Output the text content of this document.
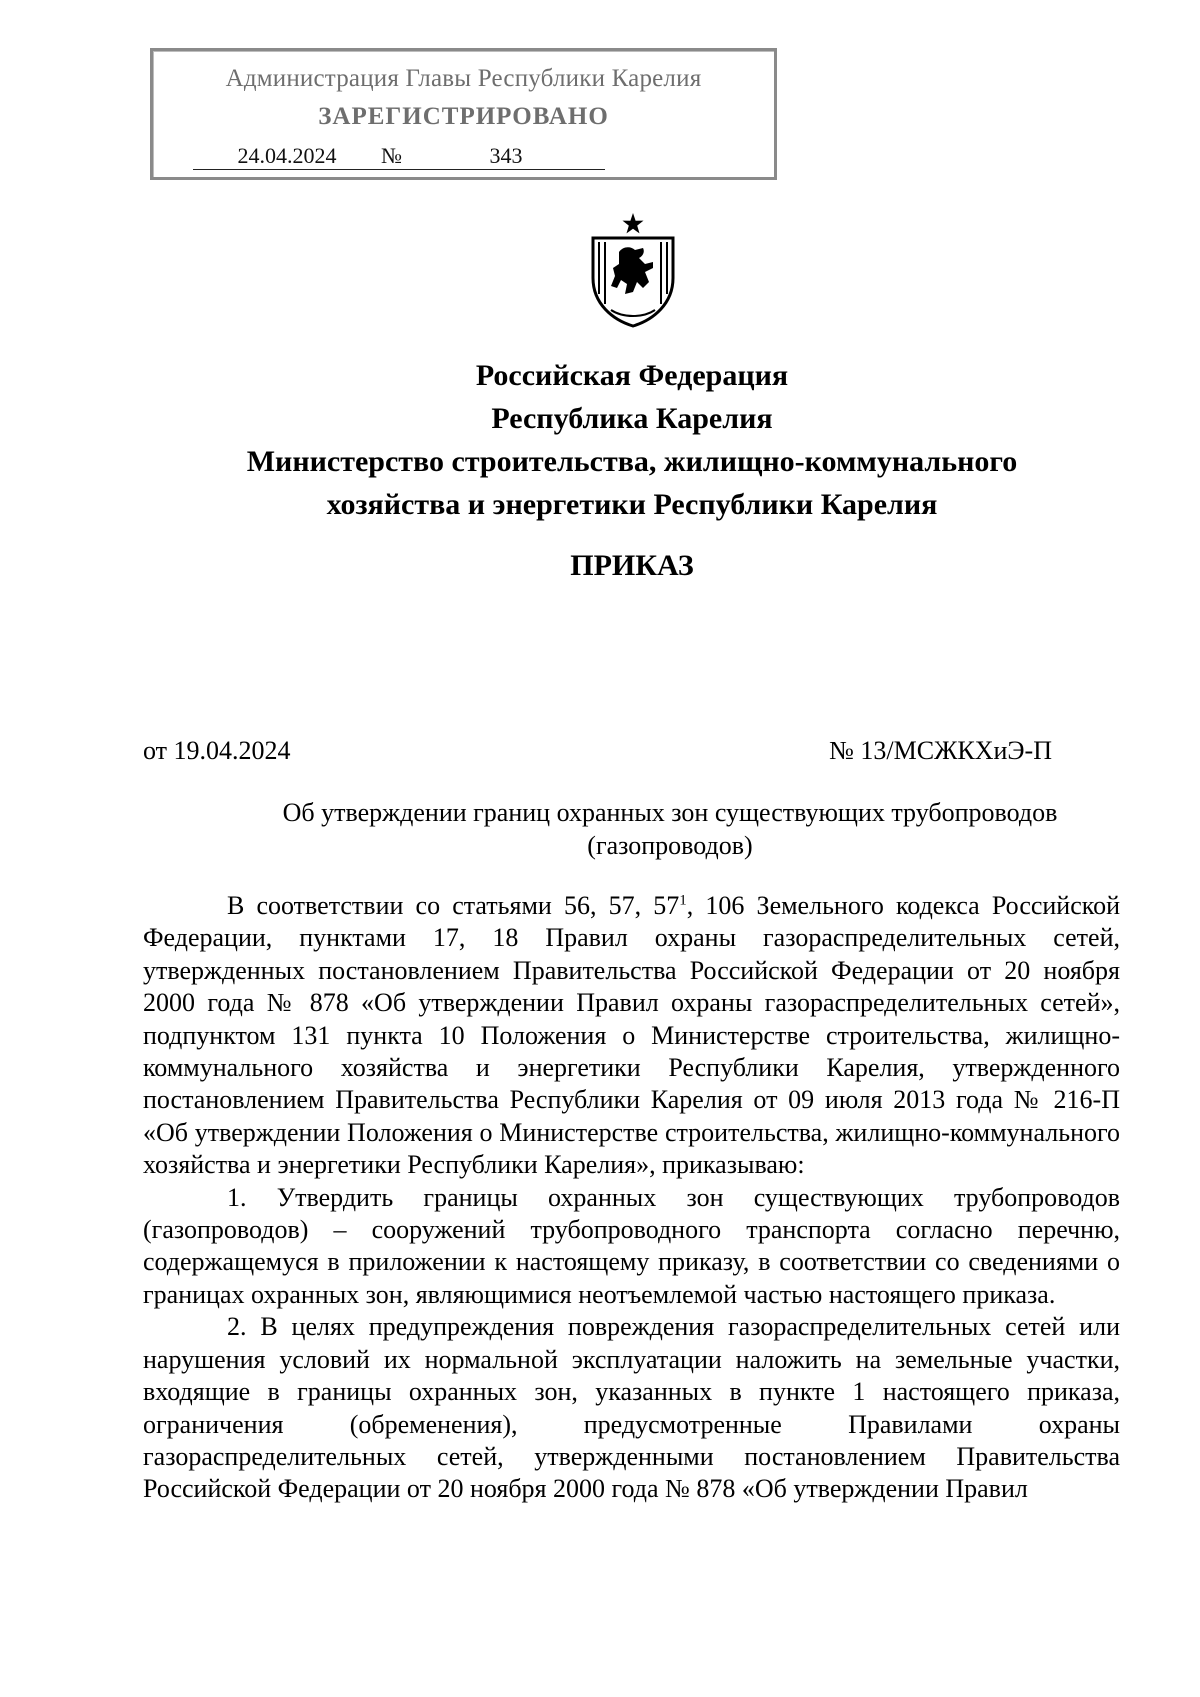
Администрация Главы Республики Карелия
ЗАРЕГИСТРИРОВАНО
24.04.2024 №	343
Российская Федерация
Республика Карелия
Министерство строительства, жилищно-коммунального
хозяйства и энергетики Республики Карелия
ПРИКАЗ
от 19.04.2024	№ 13/МСЖКХиЭ-П
Об утверждении границ охранных зон существующих трубопроводов
(газопроводов)

В соответствии со статьями 56, 57, $57^1$, 106 Земельного кодекса Российской Федерации, пунктами 17, 18 Правил охраны газораспределительных сетей, утвержденных постановлением Правительства Российской Федерации от 20 ноября 2000 года № 878 «Об утверждении Правил охраны газораспределительных сетей», подпунктом 131 пункта 10 Положения о Министерстве строительства, жилищно-коммунального хозяйства и энергетики Республики Карелия, утвержденного постановлением Правительства Республики Карелия от 09 июля 2013 года № 216-П «Об утверждении Положения о Министерстве строительства, жилищно-коммунального хозяйства и энергетики Республики Карелия», приказываю:

1. Утвердить границы охранных зон существующих трубопроводов (газопроводов) – сооружений трубопроводного транспорта согласно перечню, содержащемуся в приложении к настоящему приказу, в соответствии со сведениями о границах охранных зон, являющимися неотъемлемой частью настоящего приказа.

2. В целях предупреждения повреждения газораспределительных сетей или нарушения условий их нормальной эксплуатации наложить на земельные участки, входящие в границы охранных зон, указанных в пункте 1 настоящего приказа, ограничения (обременения), предусмотренные Правилами охраны газораспределительных сетей, утвержденными постановлением Правительства Российской Федерации от 20 ноября 2000 года № 878 «Об утверждении Правил
